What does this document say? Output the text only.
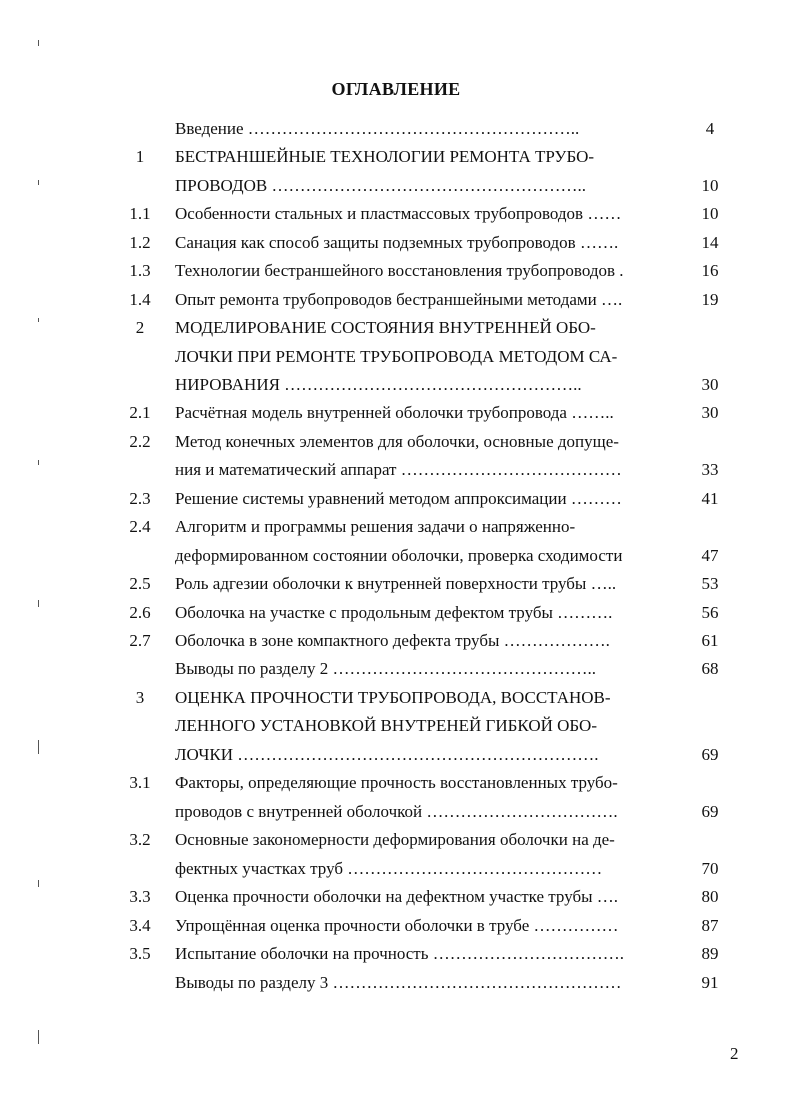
ОГЛАВЛЕНИЕ
Введение …………………………………………………..	4
1	БЕСТРАНШЕЙНЫЕ ТЕХНОЛОГИИ РЕМОНТА ТРУБО-
ПРОВОДОВ ………………………………………………..	10
1.1	Особенности стальных и пластмассовых трубопроводов ……	10
1.2	Санация как способ защиты подземных трубопроводов …….	14
1.3	Технологии бестраншейного восстановления трубопроводов .	16
1.4	Опыт ремонта трубопроводов бестраншейными методами ….	19
2	МОДЕЛИРОВАНИЕ СОСТОЯНИЯ ВНУТРЕННЕЙ ОБО-
ЛОЧКИ ПРИ РЕМОНТЕ ТРУБОПРОВОДА МЕТОДОМ СА-
НИРОВАНИЯ ……………………………………………..	30
2.1	Расчётная модель внутренней оболочки трубопровода ……..	30
2.2	Метод конечных элементов для оболочки, основные допуще-
ния и математический аппарат …………………………………	33
2.3	Решение системы уравнений методом аппроксимации ………	41
2.4	Алгоритм и программы решения задачи о напряженно-
деформированном состоянии оболочки, проверка сходимости	47
2.5	Роль адгезии оболочки к внутренней поверхности трубы …..	53
2.6	Оболочка на участке с продольным дефектом трубы ……….	56
2.7	Оболочка в зоне компактного дефекта трубы ……………….	61
Выводы по разделу 2 ………………………………………..	68
3	ОЦЕНКА ПРОЧНОСТИ ТРУБОПРОВОДА, ВОССТАНОВ-
ЛЕННОГО УСТАНОВКОЙ ВНУТРЕНЕЙ ГИБКОЙ ОБО-
ЛОЧКИ ……………………………………………………….	69
3.1	Факторы, определяющие прочность восстановленных трубо-
проводов с внутренней оболочкой …………………………….	69
3.2	Основные закономерности деформирования оболочки на де-
фектных участках труб ………………………………………	70
3.3	Оценка прочности оболочки на дефектном участке трубы ….	80
3.4	Упрощённая оценка прочности оболочки в трубе ……………	87
3.5	Испытание оболочки на прочность …………………………….	89
Выводы по разделу 3 ……………………………………………	91
2
